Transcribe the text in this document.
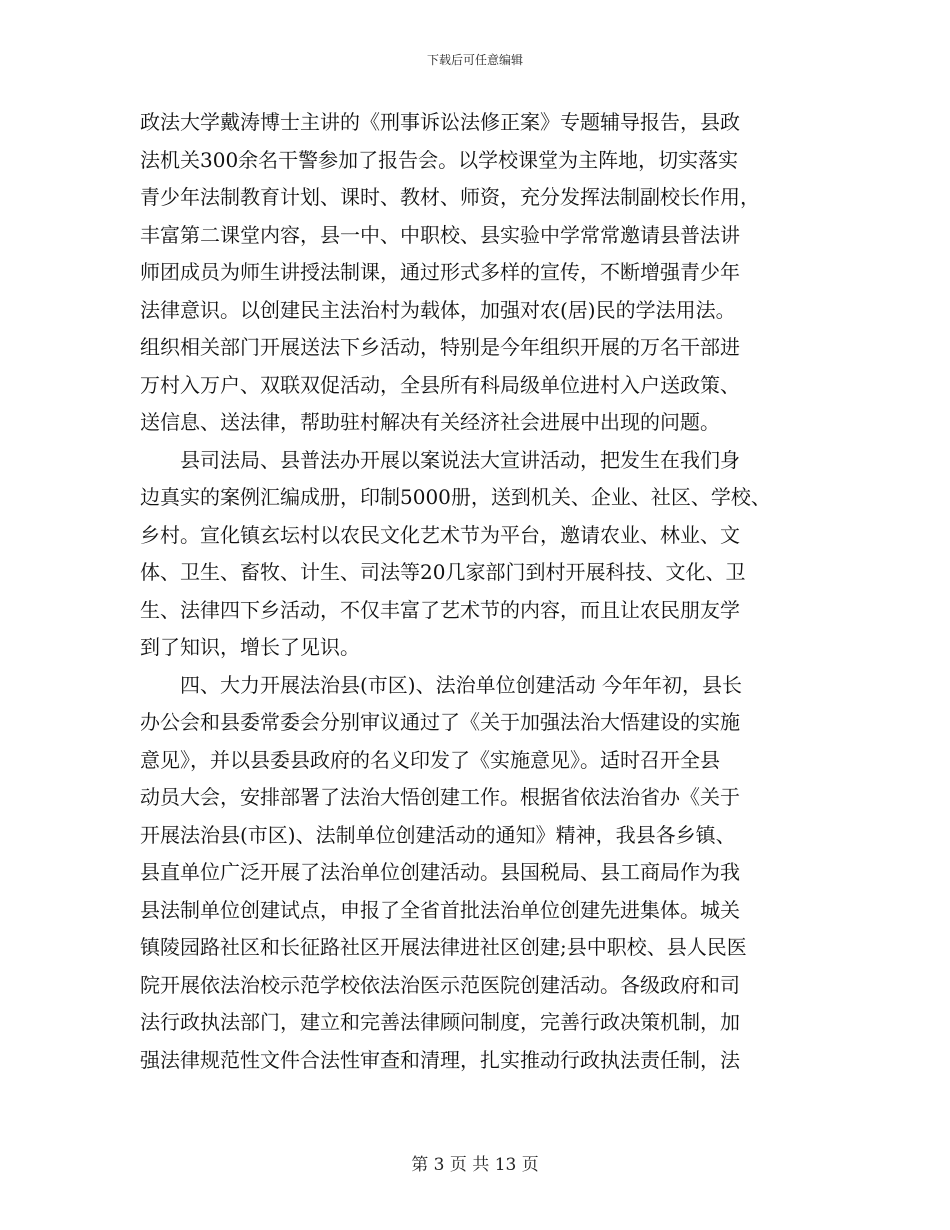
下载后可任意编辑
政法大学戴涛博士主讲的《刑事诉讼法修正案》专题辅导报告，县政
法机关300余名干警参加了报告会。以学校课堂为主阵地，切实落实
青少年法制教育计划、课时、教材、师资，充分发挥法制副校长作用，
丰富第二课堂内容，县一中、中职校、县实验中学常常邀请县普法讲
师团成员为师生讲授法制课，通过形式多样的宣传，不断增强青少年
法律意识。以创建民主法治村为载体，加强对农(居)民的学法用法。
组织相关部门开展送法下乡活动，特别是今年组织开展的万名干部进
万村入万户、双联双促活动，全县所有科局级单位进村入户送政策、
送信息、送法律，帮助驻村解决有关经济社会进展中出现的问题。
　　县司法局、县普法办开展以案说法大宣讲活动，把发生在我们身
边真实的案例汇编成册，印制5000册，送到机关、企业、社区、学校、
乡村。宣化镇玄坛村以农民文化艺术节为平台，邀请农业、林业、文
体、卫生、畜牧、计生、司法等20几家部门到村开展科技、文化、卫
生、法律四下乡活动，不仅丰富了艺术节的内容，而且让农民朋友学
到了知识，增长了见识。
　　四、大力开展法治县(市区)、法治单位创建活动 今年年初，县长
办公会和县委常委会分别审议通过了《关于加强法治大悟建设的实施
意见》，并以县委县政府的名义印发了《实施意见》。适时召开全县
动员大会，安排部署了法治大悟创建工作。根据省依法治省办《关于
开展法治县(市区)、法制单位创建活动的通知》精神，我县各乡镇、
县直单位广泛开展了法治单位创建活动。县国税局、县工商局作为我
县法制单位创建试点，申报了全省首批法治单位创建先进集体。城关
镇陵园路社区和长征路社区开展法律进社区创建;县中职校、县人民医
院开展依法治校示范学校依法治医示范医院创建活动。各级政府和司
法行政执法部门，建立和完善法律顾问制度，完善行政决策机制，加
强法律规范性文件合法性审查和清理，扎实推动行政执法责任制，法
第 3 页 共 13 页
